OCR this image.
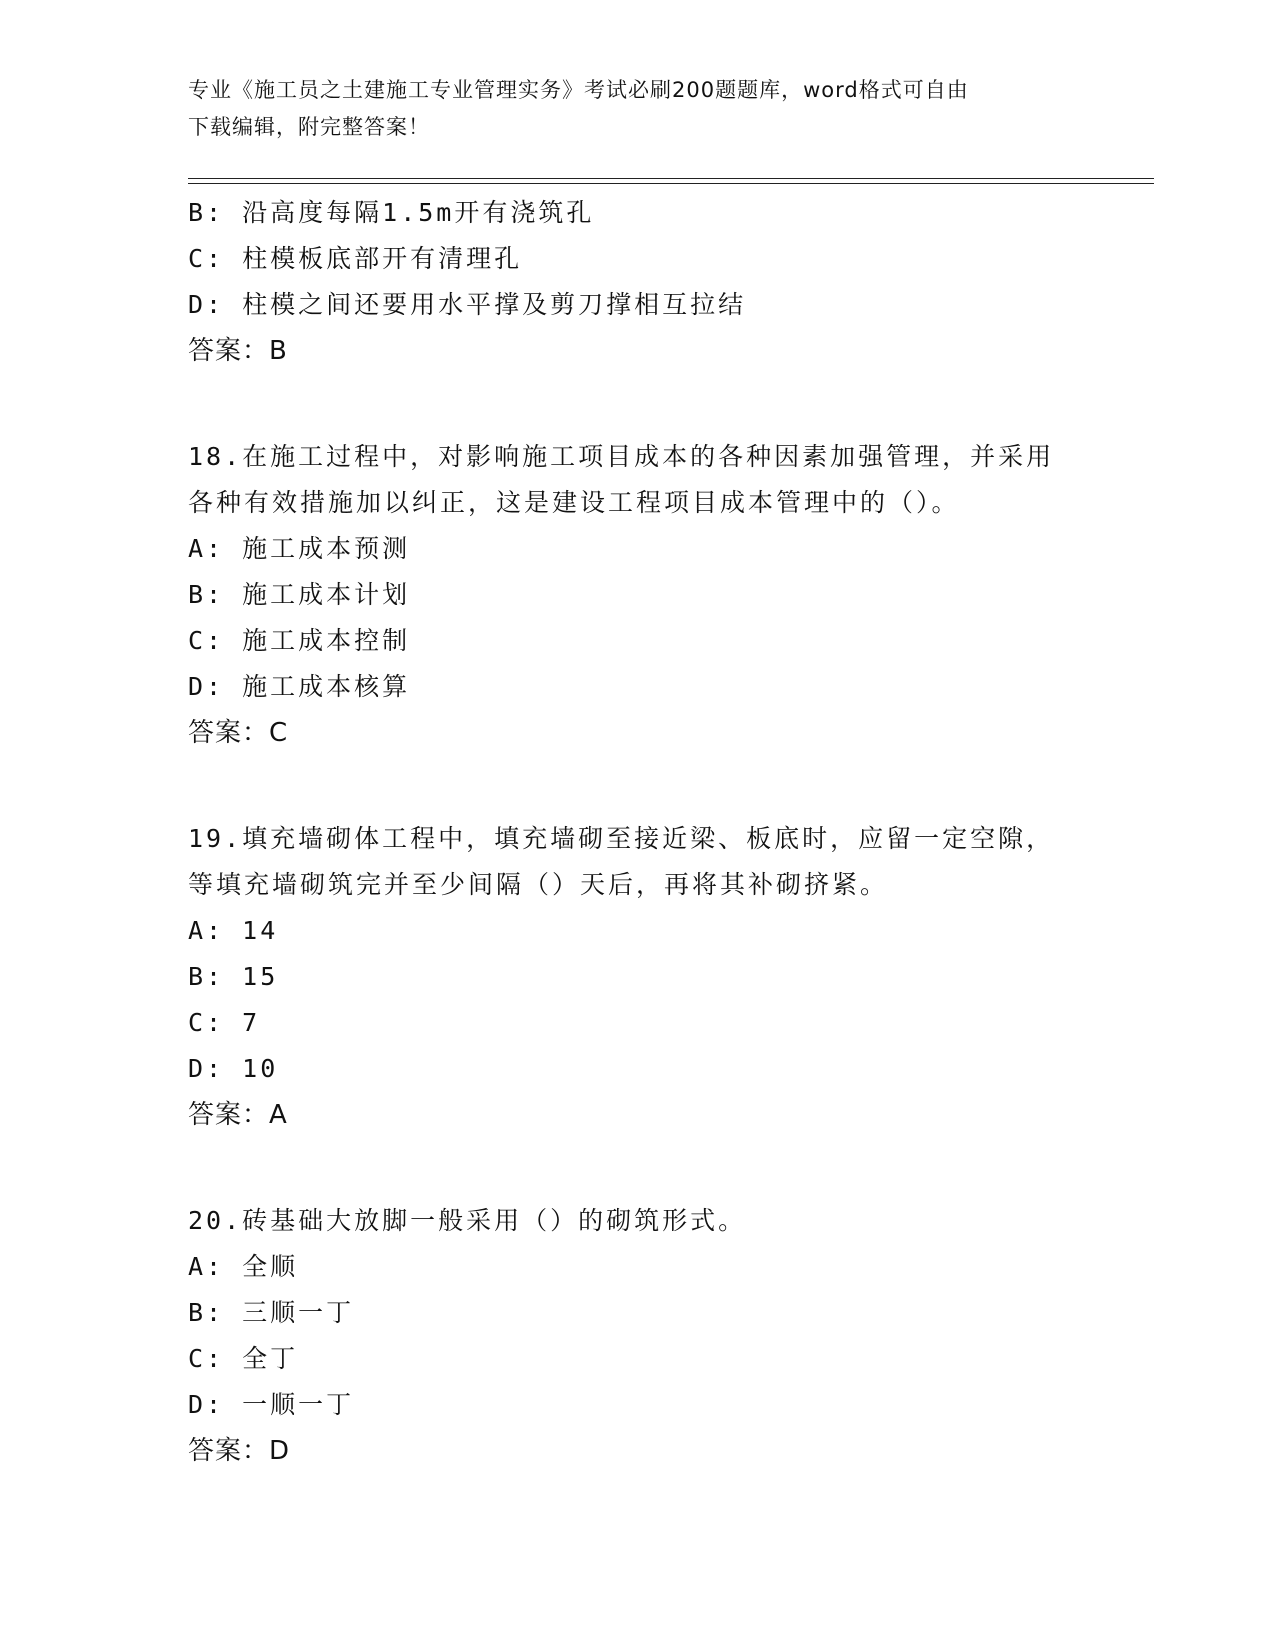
专业《施工员之土建施工专业管理实务》考试必刷200题题库，word格式可自由
下载编辑，附完整答案！
B: 沿高度每隔1.5m开有浇筑孔
C: 柱模板底部开有清理孔
D: 柱模之间还要用水平撑及剪刀撑相互拉结
答案：B
18.在施工过程中，对影响施工项目成本的各种因素加强管理，并采用
各种有效措施加以纠正，这是建设工程项目成本管理中的（）。
A: 施工成本预测
B: 施工成本计划
C: 施工成本控制
D: 施工成本核算
答案：C
19.填充墙砌体工程中，填充墙砌至接近梁、板底时，应留一定空隙，
等填充墙砌筑完并至少间隔（）天后，再将其补砌挤紧。
A: 14
B: 15
C: 7
D: 10
答案：A
20.砖基础大放脚一般采用（）的砌筑形式。
A: 全顺
B: 三顺一丁
C: 全丁
D: 一顺一丁
答案：D
